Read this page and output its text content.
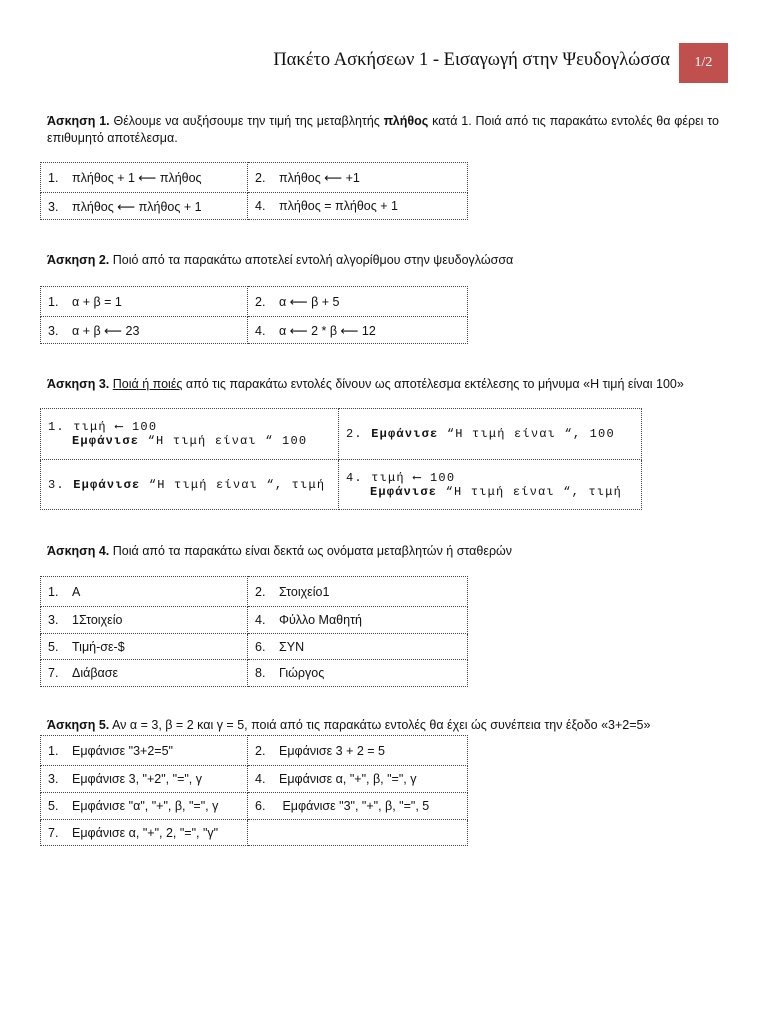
Πακέτο Ασκήσεων 1 - Εισαγωγή στην Ψευδογλώσσα	1/2
Άσκηση 1. Θέλουμε να αυξήσουμε την τιμή της μεταβλητής πλήθος κατά 1. Ποιά από τις παρακάτω εντολές θα φέρει το επιθυμητό αποτέλεσμα.
1. πλήθος + 1 ⟵ πλήθος	2. πλήθος ⟵ +1
3. πλήθος ⟵ πλήθος + 1	4. πλήθος = πλήθος + 1
Άσκηση 2. Ποιό από τα παρακάτω αποτελεί εντολή αλγορίθμου στην ψευδογλώσσα
1. α + β = 1	2. α ⟵ β + 5
3. α + β ⟵ 23	4. α ⟵ 2 * β ⟵ 12
Άσκηση 3. Ποιά ή ποιές από τις παρακάτω εντολές δίνουν ως αποτέλεσμα εκτέλεσης το μήνυμα «Η τιμή είναι 100»
1. τιμή ⟵ 100
Εμφάνισε “Η τιμή είναι “ 100	2. Εμφάνισε “Η τιμή είναι “, 100
3. Εμφάνισε “Η τιμή είναι “, τιμή	4. τιμή ⟵ 100
Εμφάνισε “Η τιμή είναι “, τιμή
Άσκηση 4. Ποιά από τα παρακάτω είναι δεκτά ως ονόματα μεταβλητών ή σταθερών
1. Α	2. Στοιχείο1
3. 1Στοιχείο	4. Φύλλο Μαθητή
5. Τιμή-σε-$	6. ΣΥΝ
7. Διάβασε	8. Γιώργος
Άσκηση 5. Αν α = 3, β = 2 και γ = 5, ποιά από τις παρακάτω εντολές θα έχει ώς συνέπεια την έξοδο «3+2=5»
1. Εμφάνισε "3+2=5"	2. Εμφάνισε 3 + 2 = 5
3. Εμφάνισε 3, "+2", "=", γ	4. Εμφάνισε α, "+", β, "=", γ
5. Εμφάνισε "α", "+", β, "=", γ	6. Εμφάνισε "3", "+", β, "=", 5
7. Εμφάνισε α, "+", 2, "=", "γ"	
